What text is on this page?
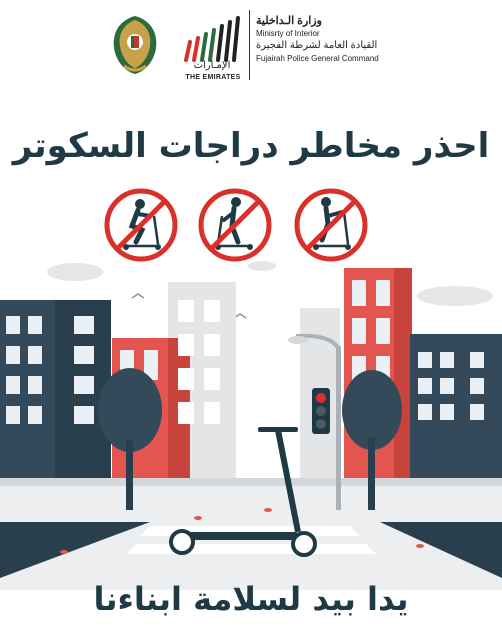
الإمـارات
THE EMIRATES
وزارة الـداخلية
Minisrty of Interior
القيادة العامة لشرطة الفجيرة
Fujairah Police General Command
احذر مخاطر دراجات السكوتر
يدا بيد لسلامة ابناءنا
